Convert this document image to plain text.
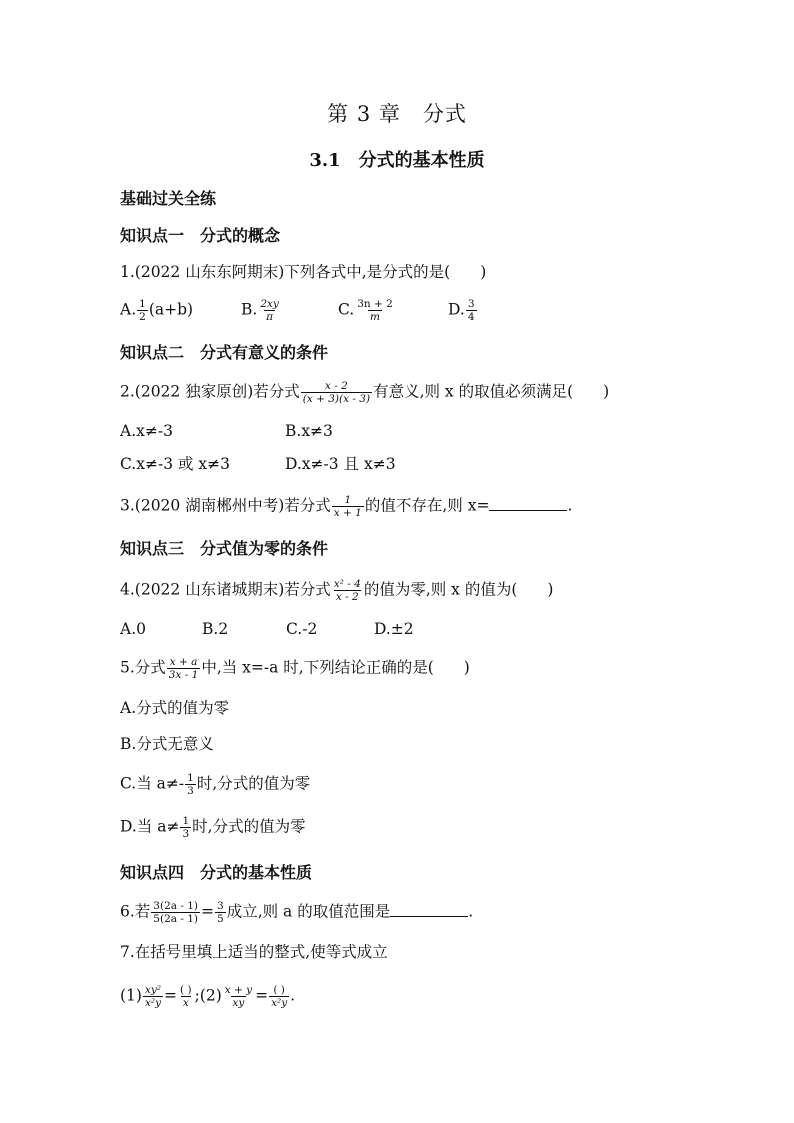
第 3 章　分式
3.1　分式的基本性质
基础过关全练
知识点一　分式的概念
1.(2022 山东东阿期末)下列各式中,是分式的是( )
A. $\frac{1}{2} (a+b)$	B. $\frac{2xy}{\pi}$	C. $\frac{3n + 2}{m}$	D. $\frac{3}{4}$
知识点二　分式有意义的条件
2.(2022 独家原创)若分式 $\frac{x - 2}{(x + 3)(x - 3)}$ 有意义,则 x 的取值必须满足( )
A.x≠-3	B.x≠3
C.x≠-3 或 x≠3	D.x≠-3 且 x≠3
3.(2020 湖南郴州中考)若分式 $\frac{1}{x + 1}$ 的值不存在,则 x=	.
知识点三　分式值为零的条件
4.(2022 山东诸城期末)若分式 $\frac{\text{x² - 4}}{x - 2}$ 的值为零,则 x 的值为( )
A.0	B.2	C.-2	D.±2
5.分式 $\frac{x + a}{3x - 1}$ 中,当 x=-a 时,下列结论正确的是( )
A.分式的值为零
B.分式无意义
C.当 $a\ne- \frac{1}{3}$ 时,分式的值为零
D.当 $a\ne \frac{1}{3}$ 时,分式的值为零
知识点四　分式的基本性质
6.若 $\frac{3(2a - 1)}{5(2a - 1)} = \frac{3}{5}$ 成立,则 a 的取值范围是	.
7.在括号里填上适当的整式,使等式成立
$(1) \frac{\text{xy²}}{\text{x²y}} = \frac{( )}{x}$ ;(2) $\frac{x + y}{xy} = \frac{( )}{\text{x²y}}$ .
